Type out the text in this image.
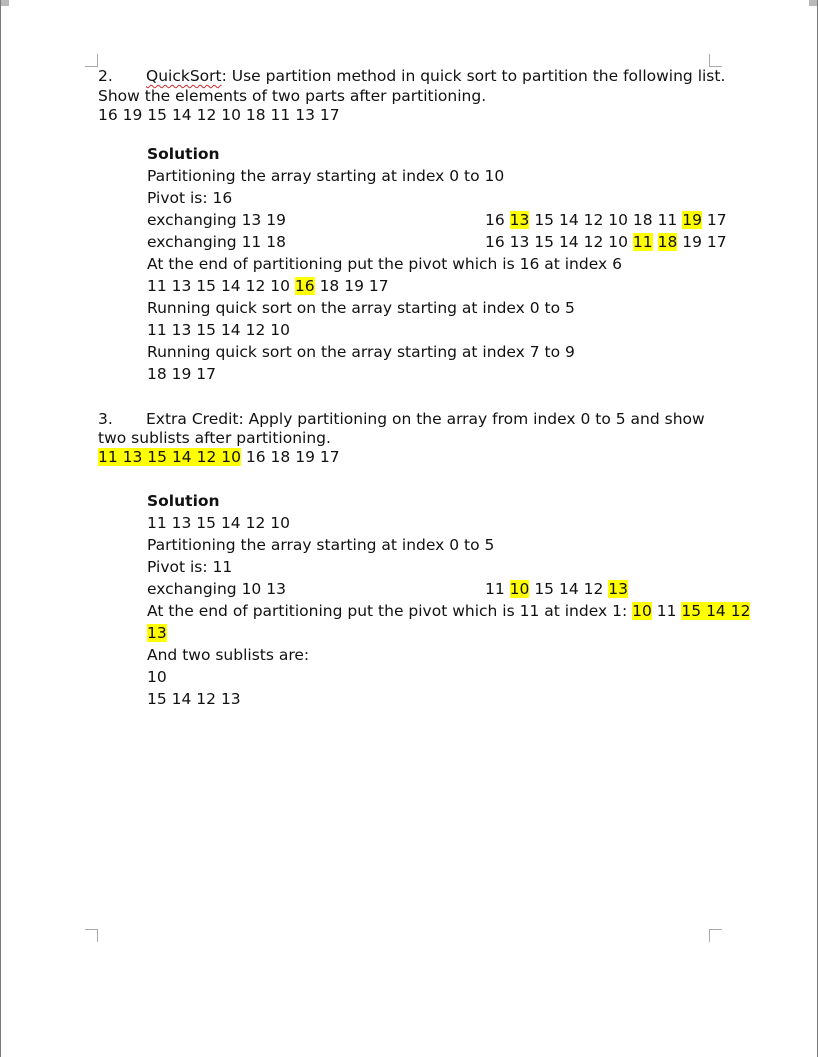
2. QuickSort: Use partition method in quick sort to partition the following list.
Show the elements of two parts after partitioning.
16 19 15 14 12 10 18 11 13 17
Solution
Partitioning the array starting at index 0 to 10
Pivot is: 16
exchanging 13 19	16 13 15 14 12 10 18 11 19 17
exchanging 11 18	16 13 15 14 12 10 11 18 19 17
At the end of partitioning put the pivot which is 16 at index 6
11 13 15 14 12 10 16 18 19 17
Running quick sort on the array starting at index 0 to 5
11 13 15 14 12 10
Running quick sort on the array starting at index 7 to 9
18 19 17
3. Extra Credit: Apply partitioning on the array from index 0 to 5 and show
two sublists after partitioning.
11 13 15 14 12 10 16 18 19 17
Solution
11 13 15 14 12 10
Partitioning the array starting at index 0 to 5
Pivot is: 11
exchanging 10 13	11 10 15 14 12 13
At the end of partitioning put the pivot which is 11 at index 1: 10 11 15 14 12
13
And two sublists are:
10
15 14 12 13
